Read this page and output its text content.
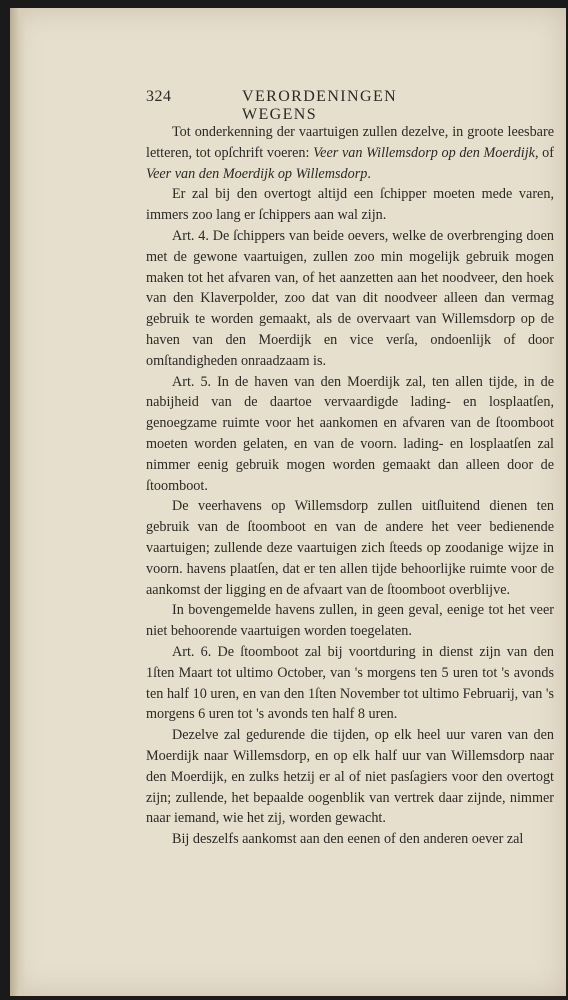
324	VERORDENINGEN WEGENS

Tot onderkenning der vaartuigen zullen dezelve, in groote leesbare letteren, tot opſchrift voeren: Veer van Willemsdorp op den Moerdijk, of Veer van den Moerdijk op Willemsdorp.

Er zal bij den overtogt altijd een ſchipper moeten mede varen, immers zoo lang er ſchippers aan wal zijn.

Art. 4. De ſchippers van beide oevers, welke de overbrenging doen met de gewone vaartuigen, zullen zoo min mogelijk gebruik mogen maken tot het afvaren van, of het aanzetten aan het noodveer, den hoek van den Klaverpolder, zoo dat van dit noodveer alleen dan vermag gebruik te worden gemaakt, als de overvaart van Willemsdorp op de haven van den Moerdijk en vice verſa, ondoenlijk of door omſtandigheden onraadzaam is.

Art. 5. In de haven van den Moerdijk zal, ten allen tijde, in de nabijheid van de daartoe vervaardigde lading- en losplaatſen, genoegzame ruimte voor het aankomen en afvaren van de ſtoomboot moeten worden gelaten, en van de voorn. lading- en losplaatſen zal nimmer eenig gebruik mogen worden gemaakt dan alleen door de ſtoomboot.

De veerhavens op Willemsdorp zullen uitſluitend dienen ten gebruik van de ſtoomboot en van de andere het veer bedienende vaartuigen; zullende deze vaartuigen zich ſteeds op zoodanige wijze in voorn. havens plaatſen, dat er ten allen tijde behoorlijke ruimte voor de aankomst der ligging en de afvaart van de ſtoomboot overblijve.

In bovengemelde havens zullen, in geen geval, eenige tot het veer niet behoorende vaartuigen worden toegelaten.

Art. 6. De ſtoomboot zal bij voortduring in dienst zijn van den 1ſten Maart tot ultimo October, van 's morgens ten 5 uren tot 's avonds ten half 10 uren, en van den 1ſten November tot ultimo Februarij, van 's morgens 6 uren tot 's avonds ten half 8 uren.

Dezelve zal gedurende die tijden, op elk heel uur varen van den Moerdijk naar Willemsdorp, en op elk half uur van Willemsdorp naar den Moerdijk, en zulks hetzij er al of niet pasſagiers voor den overtogt zijn; zullende, het bepaalde oogenblik van vertrek daar zijnde, nimmer naar iemand, wie het zij, worden gewacht.

Bij deszelfs aankomst aan den eenen of den anderen oever zal
